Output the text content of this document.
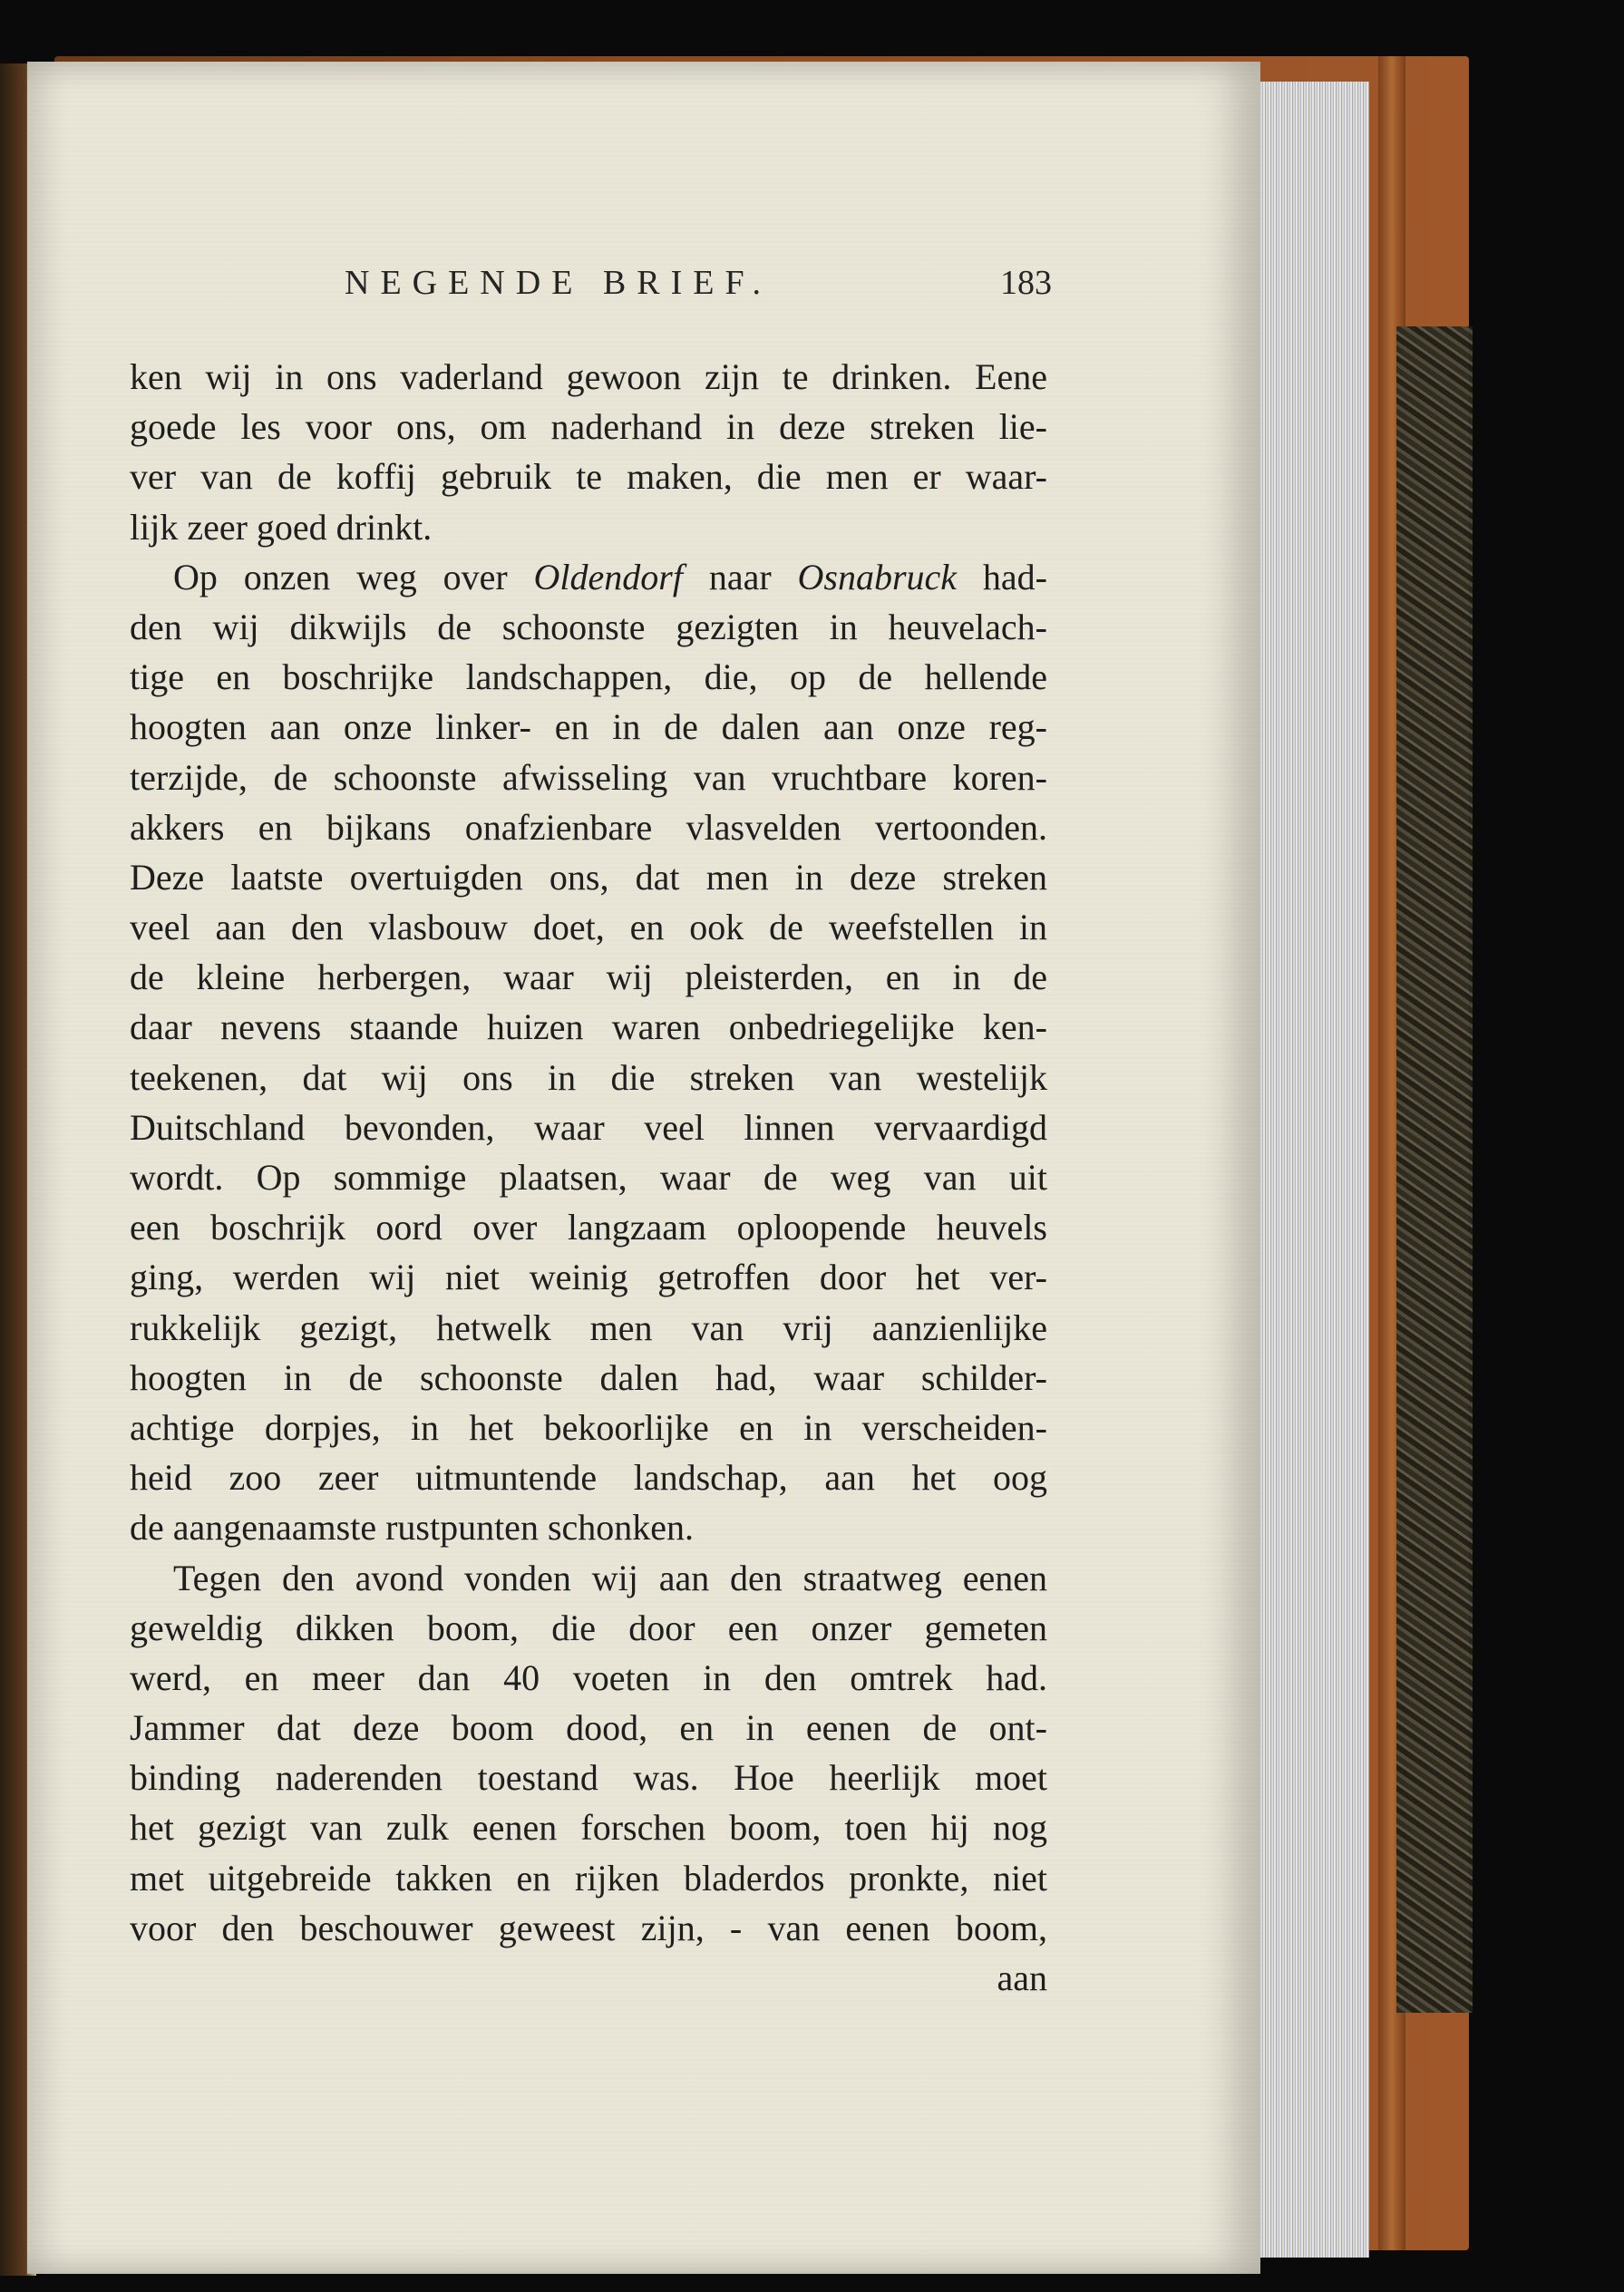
NEGENDE BRIEF.	183
ken wij in ons vaderland gewoon zijn te drinken. Eene
goede les voor ons, om naderhand in deze streken lie-
ver van de koffij gebruik te maken, die men er waar-
lijk zeer goed drinkt.
Op onzen weg over Oldendorf naar Osnabruck had-
den wij dikwijls de schoonste gezigten in heuvelach-
tige en boschrijke landschappen, die, op de hellende
hoogten aan onze linker- en in de dalen aan onze reg-
terzijde, de schoonste afwisseling van vruchtbare koren-
akkers en bijkans onafzienbare vlasvelden vertoonden.
Deze laatste overtuigden ons, dat men in deze streken
veel aan den vlasbouw doet, en ook de weefstellen in
de kleine herbergen, waar wij pleisterden, en in de
daar nevens staande huizen waren onbedriegelijke ken-
teekenen, dat wij ons in die streken van westelijk
Duitschland bevonden, waar veel linnen vervaardigd
wordt. Op sommige plaatsen, waar de weg van uit
een boschrijk oord over langzaam oploopende heuvels
ging, werden wij niet weinig getroffen door het ver-
rukkelijk gezigt, hetwelk men van vrij aanzienlijke
hoogten in de schoonste dalen had, waar schilder-
achtige dorpjes, in het bekoorlijke en in verscheiden-
heid zoo zeer uitmuntende landschap, aan het oog
de aangenaamste rustpunten schonken.
Tegen den avond vonden wij aan den straatweg eenen
geweldig dikken boom, die door een onzer gemeten
werd, en meer dan 40 voeten in den omtrek had.
Jammer dat deze boom dood, en in eenen de ont-
binding naderenden toestand was. Hoe heerlijk moet
het gezigt van zulk eenen forschen boom, toen hij nog
met uitgebreide takken en rijken bladerdos pronkte, niet
voor den beschouwer geweest zijn, - van eenen boom,
aan
